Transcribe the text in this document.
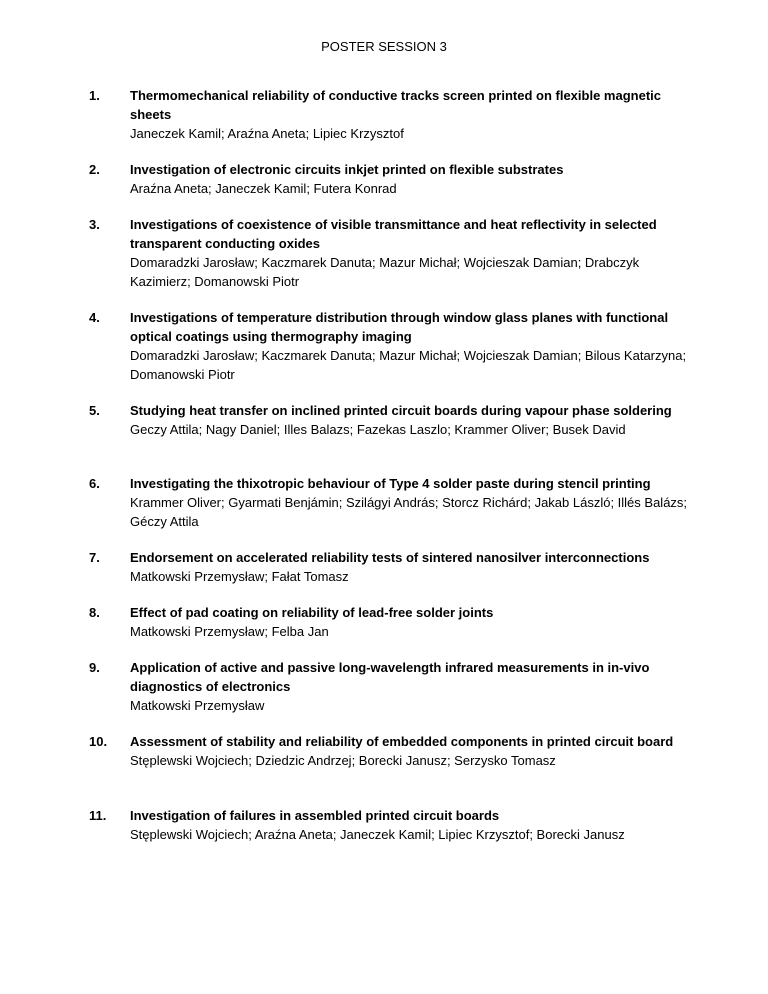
POSTER SESSION 3
1. Thermomechanical reliability of conductive tracks screen printed on flexible magnetic sheets
Janeczek Kamil; Araźna Aneta; Lipiec Krzysztof
2. Investigation of electronic circuits inkjet printed on flexible substrates
Araźna Aneta; Janeczek Kamil; Futera Konrad
3. Investigations of coexistence of visible transmittance and heat reflectivity in selected transparent conducting oxides
Domaradzki Jarosław; Kaczmarek Danuta; Mazur Michał; Wojcieszak Damian; Drabczyk Kazimierz; Domanowski Piotr
4. Investigations of temperature distribution through window glass planes with functional optical coatings using thermography imaging
Domaradzki Jarosław; Kaczmarek Danuta; Mazur Michał; Wojcieszak Damian; Bilous Katarzyna; Domanowski Piotr
5. Studying heat transfer on inclined printed circuit boards during vapour phase soldering
Geczy Attila; Nagy Daniel; Illes Balazs; Fazekas Laszlo; Krammer Oliver; Busek David
6. Investigating the thixotropic behaviour of Type 4 solder paste during stencil printing
Krammer Oliver; Gyarmati Benjámin; Szilágyi András; Storcz Richárd; Jakab László; Illés Balázs; Géczy Attila
7. Endorsement on accelerated reliability tests of sintered nanosilver interconnections
Matkowski Przemysław; Fałat Tomasz
8. Effect of pad coating on reliability of lead-free solder joints
Matkowski Przemysław; Felba Jan
9. Application of active and passive long-wavelength infrared measurements in in-vivo diagnostics of electronics
Matkowski Przemysław
10. Assessment of stability and reliability of embedded components in printed circuit board
Stęplewski Wojciech; Dziedzic Andrzej; Borecki Janusz; Serzysko Tomasz
11. Investigation of failures in assembled printed circuit boards
Stęplewski Wojciech; Araźna Aneta; Janeczek Kamil; Lipiec Krzysztof; Borecki Janusz
